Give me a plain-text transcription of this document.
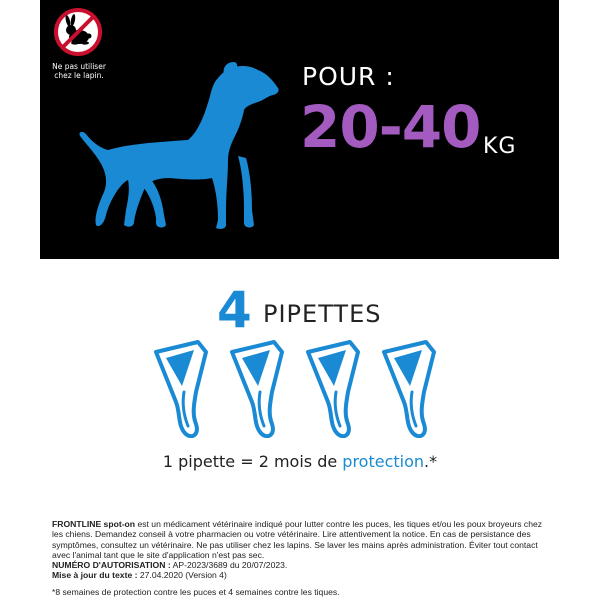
Ne pas utiliser
chez le lapin.	POUR :
20-40 KG
4 PIPETTES
1 pipette = 2 mois de protection.*
FRONTLINE spot-on est un médicament vétérinaire indiqué pour lutter contre les puces, les tiques et/ou les poux broyeurs chez les chiens. Demandez conseil à votre pharmacien ou votre vétérinaire. Lire attentivement la notice. En cas de persistance des symptômes, consultez un vétérinaire. Ne pas utiliser chez les lapins. Se laver les mains après administration. Éviter tout contact avec l'animal tant que le site d'application n'est pas sec.
NUMÉRO D'AUTORISATION : AP-2023/3689 du 20/07/2023.
Mise à jour du texte : 27.04.2020 (Version 4)
*8 semaines de protection contre les puces et 4 semaines contre les tiques.
